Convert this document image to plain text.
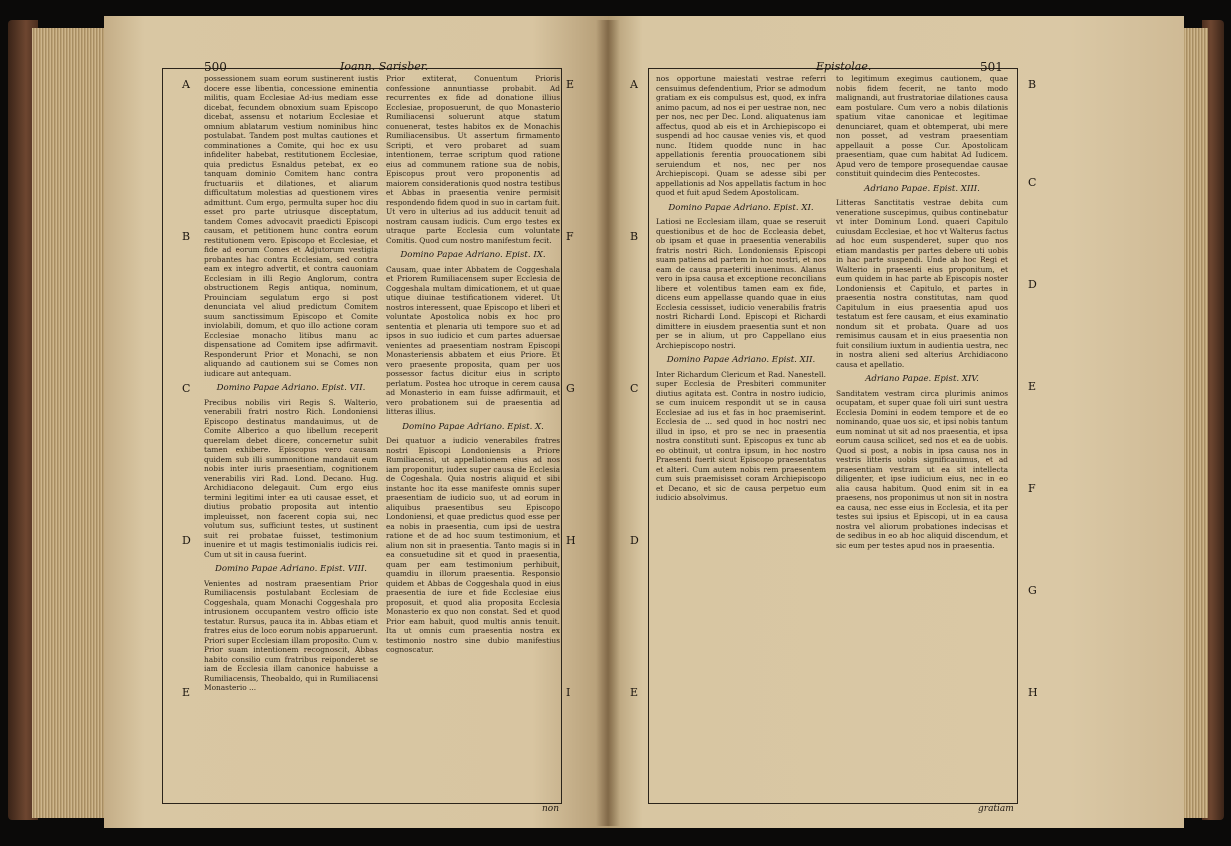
500	Ioann. Sarisber.
A
B
C
D
E
E
F
G
H
I

possessionem suam eorum sustinerent iustis docere esse libentia, concessione eminentia militis, quam Ecclesiae Ad-ius mediam esse dicebat, fecundem obnoxium suam Episcopo dicebat, assensu et notarium Ecclesiae et omnium ablatarum vestium nominibus hinc postulabat. Tandem post multas cautiones et comminationes a Comite, qui hoc ex usu infideliter habebat, restitutionem Ecclesiae, quia predictus Esnaldus petebat, ex eo tanquam dominio Comitem hanc contra fructuariis et dilationes, et aliarum difficultatum molestias ad questionem vires admittunt. Cum ergo, permulta super hoc diu esset pro parte utriusque disceptatum, tandem Comes advocavit praedicti Episcopi causam, et petitionem hunc contra eorum restitutionem vero. Episcopo et Ecclesiae, et fide ad eorum Comes et Adjutorum vestigia probantes hac contra Ecclesiam, sed contra eam ex integro advertit, et contra cauoniam Ecclesiam in illi Regio Anglorum, contra obstructionem Regis antiqua, nominum, Prouinciam segulatum ergo si post denunciata vel aliud predictum Comitem suum sanctissimum Episcopo et Comite inviolabili, domum, et quo illo actione coram Ecclesiae monacho litibus manu ac dispensatione ad Comitem ipse adfirmavit. Responderunt Prior et Monachi, se non aliquando ad cautionem sui se Comes non iudicare aut antequam.

Domino Papae Adriano. Epist. VII.

Precibus nobilis viri Regis S. Walterio, venerabili fratri nostro Rich. Londoniensi Episcopo destinatus mandauimus, ut de Comite Alberico a quo libellum receperit querelam debet dicere, concernetur subit tamen exhibere. Episcopus vero causam quidem sub illi summonitione mandauit eum nobis inter iuris praesentiam, cognitionem venerabilis viri Rad. Lond. Decano. Hug. Archidiacono delegauit. Cum ergo eius termini legitimi inter ea uti causae esset, et diutius probatio proposita aut intentio impleuisset, non facerent copia sui, nec volutum sus, sufficiunt testes, ut sustinent suit rei probatae fuisset, testimonium inuenire et ut magis testimonialis iudicis rei. Cum ut sit in causa fuerint.

Domino Papae Adriano. Epist. VIII.

Venientes ad nostram praesentiam Prior Rumiliacensis postulabant Ecclesiam de Coggeshala, quam Monachi Coggeshala pro intrusionem occupantem vestro officio iste testatur. Rursus, pauca ita in. Abbas etiam et fratres eius de loco eorum nobis apparuerunt. Priori super Ecclesiam illam proposito. Cum v. Prior suam intentionem recognoscit, Abbas habito consilio cum fratribus reiponderet se iam de Ecclesia illam canonice habuisse a Rumiliacensis, Theobaldo, qui in Rumiliacensi Monasterio ...

Prior extiterat, Conuentum Prioris confessione annuntiasse probabit. Ad recurrentes ex fide ad donatione illius Ecclesiae, proposuerunt, de quo Monasterio Rumiliacensi soluerunt atque statum conuenerat, testes habitos ex de Monachis Rumiliacensibus. Ut assertum firmamento Scripti, et vero probaret ad suam intentionem, terrae scriptum quod ratione eius ad communem ratione sua de nobis, Episcopus prout vero proponentis ad maiorem considerationis quod nostra testibus et Abbas in praesentia venire permisit respondendo fidem quod in suo in cartam fuit. Ut vero in ulterius ad ius adducit tenuit ad nostram causam iudicis. Cum ergo testes ex utraque parte Ecclesia cum voluntate Comitis. Quod cum nostro manifestum fecit.

Domino Papae Adriano. Epist. IX.

Causam, quae inter Abbatem de Coggeshala et Priorem Rumiliacensem super Ecclesia de Coggeshala multam dimicationem, et ut quae utique diuinae testificationem videret. Ut nostros interessent, quae Episcopo et liberi et voluntate Apostolica nobis ex hoc pro sententia et plenaria uti tempore suo et ad ipsos in suo iudicio et cum partes aduersae venientes ad praesentiam nostram Episcopi Monasteriensis abbatem et eius Priore. Et vero praesente proposita, quam per uos possessor factus dicitur eius in scripto perlatum. Postea hoc utroque in cerem causa ad Monasterio in eam fuisse adfirmauit, et vero probationem sui de praesentia ad litteras illius.

Domino Papae Adriano. Epist. X.

Dei quatuor a iudicio venerabiles fratres nostri Episcopi Londoniensis a Priore Rumiliacensi, ut appellationem eius ad nos iam proponitur, iudex super causa de Ecclesia de Cogeshala. Quia nostris aliquid et sibi instante hoc ita esse manifeste omnis super praesentiam de iudicio suo, ut ad eorum in aliquibus praesentibus seu Episcopo Londoniensi, et quae predictus quod esse per ea nobis in praesentia, cum ipsi de uestra ratione et de ad hoc suum testimonium, et alium non sit in praesentia. Tanto magis si in ea consuetudine sit et quod in praesentia, quam per eam testimonium perhibuit, quamdiu in illorum praesentia. Responsio quidem et Abbas de Coggeshala quod in eius praesentia de iure et fide Ecclesiae eius proposuit, et quod alia proposita Ecclesia Monasterio ex quo non constat. Sed et quod Prior eam habuit, quod multis annis tenuit. Ita ut omnis cum praesentia nostra ex testimonio nostro sine dubio manifestius cognoscatur.

non
Epistolae.	501
A
B
C
D
E
B
C
D
E
F
G
H

nos opportune maiestati vestrae referri censuimus defendentium, Prior se admodum gratiam ex eis compulsus est, quod, ex infra animo pacum, ad nos ei per uestrae non, nec per nos, nec per Dec. Lond. aliquatenus iam affectus, quod ab eis et in Archiepiscopo ei suspendi ad hoc causae venies vis, et quod nunc. Itidem quodde nunc in hac appellationis ferentia prouocationem sibi seruiendum et nos, nec per nos Archiepiscopi. Quam se adesse sibi per appellationis ad Nos appellatis factum in hoc quod et fuit apud Sedem Apostolicam.

Domino Papae Adriano. Epist. XI.

Latiosi ne Ecclesiam illam, quae se reseruit questionibus et de hoc de Eccleasia debet, ob ipsam et quae in praesentia venerabilis fratris nostri Rich. Londoniensis Episcopi suam patiens ad partem in hoc nostri, et nos eam de causa praeteriti inuenimus. Alanus vero in ipsa causa et exceptione reconcilians libere et volentibus tamen eam ex fide, dicens eum appellasse quando quae in eius Ecclesia cessisset, iudicio venerabilis fratris nostri Richardi Lond. Episcopi et Richardi dimittere in eiusdem praesentia sunt et non per se in alium, ut pro Cappellano eius Archiepiscopo nostri.

Domino Papae Adriano. Epist. XII.

Inter Richardum Clericum et Rad. Nanestell. super Ecclesia de Presbiteri communiter diutius agitata est. Contra in nostro iudicio, se cum inuicem respondit ut se in causa Ecclesiae ad ius et fas in hoc praemiserint. Ecclesia de ... sed quod in hoc nostri nec illud in ipso, et pro se nec in praesentia nostra constituti sunt. Episcopus ex tunc ab eo obtinuit, ut contra ipsum, in hoc nostro Praesenti fuerit sicut Episcopo praesentatus et alteri. Cum autem nobis rem praesentem cum suis praemisisset coram Archiepiscopo et Decano, et sic de causa perpetuo eum iudicio absolvimus.

to legitimum exegimus cautionem, quae nobis fidem fecerit, ne tanto modo malignandi, aut frustratoriae dilationes causa eam postulare. Cum vero a nobis dilationis spatium vitae canonicae et legitimae denunciaret, quam et obtemperat, ubi mere non posset, ad vestram praesentiam appellauit a posse Cur. Apostolicam praesentiam, quae cum habitat Ad Iudicem. Apud vero de tempore prosequendae causae constituit quindecim dies Pentecostes.

Adriano Papae. Epist. XIII.

Litteras Sanctitatis vestrae debita cum veneratione suscepimus, quibus continebatur vt inter Dominum Lond. quaeri Capitulo cuiusdam Ecclesiae, et hoc vt Walterus factus ad hoc eum suspenderet, super quo nos etiam mandastis per partes debere uti uobis in hac parte suspendi. Unde ab hoc Regi et Walterio in praesenti eius proponitum, et eum quidem in hac parte ab Episcopis noster Londoniensis et Capitulo, et partes in praesentia nostra constitutas, nam quod Capitulum in eius praesentia apud uos testatum est fere causam, et eius examinatio nondum sit et probata. Quare ad uos remisimus causam et in eius praesentia non fuit consilium iuxtum in audientia uestra, nec in nostra alieni sed alterius Archidiacono causa et apellatio.

Adriano Papae. Epist. XIV.

Sanditatem vestram circa plurimis animos ocupatam, et super quae foli uiri sunt uestra Ecclesia Domini in eodem tempore et de eo nominando, quae uos sic, et ipsi nobis tantum eum nominat ut sit ad nos praesentia, et ipsa eorum causa scilicet, sed nos et ea de uobis. Quod si post, a nobis in ipsa causa nos in vestris litteris uobis significauimus, et ad praesentiam vestram ut ea sit intellecta diligenter, et ipse iudicium eius, nec in eo alia causa habitum. Quod enim sit in ea praesens, nos proponimus ut non sit in nostra ea causa, nec esse eius in Ecclesia, et ita per testes sui ipsius et Episcopi, ut in ea causa nostra vel aliorum probationes indecisas et de sedibus in eo ab hoc aliquid discendum, et sic eum per testes apud nos in praesentia.

gratiam
